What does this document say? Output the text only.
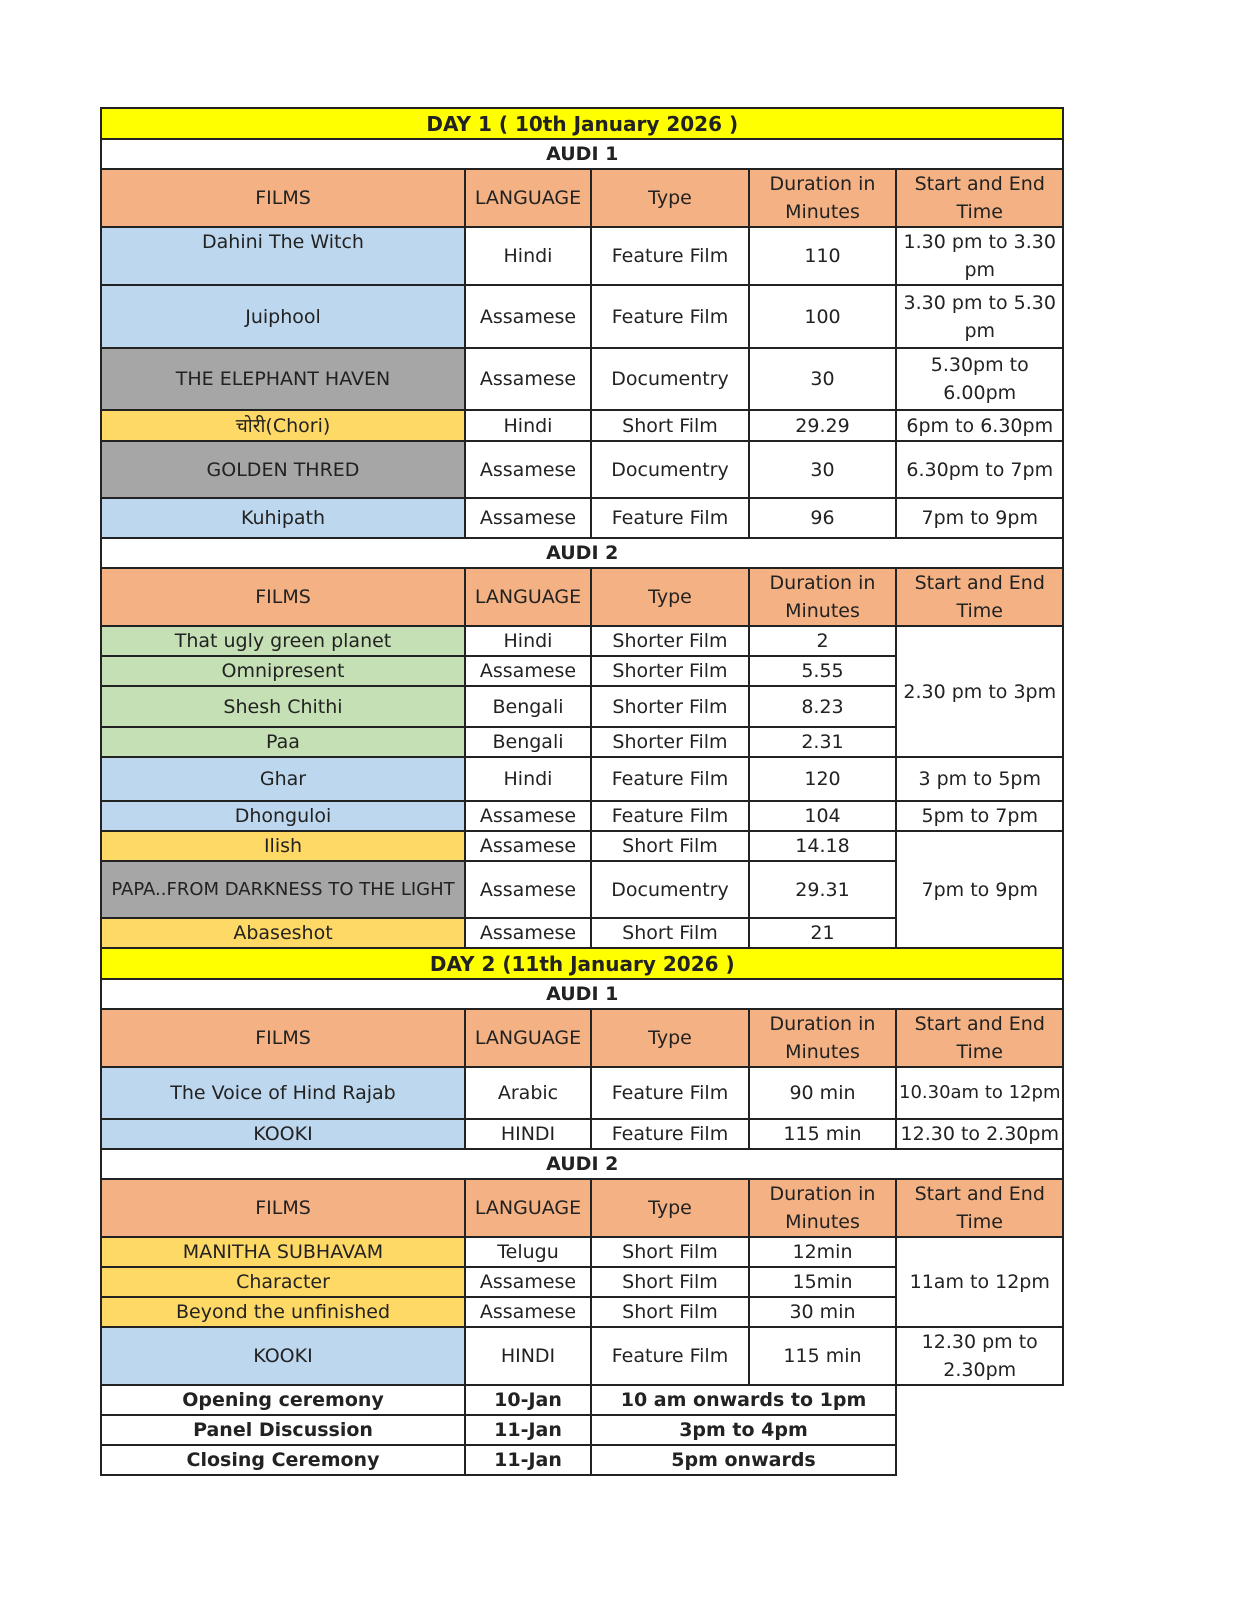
DAY 1 ( 10th January 2026 )				
AUDI 1				
FILMS	LANGUAGE	Type	Duration in Minutes	Start and End Time
Dahini The Witch	Hindi	Feature Film	110	1.30 pm to 3.30 pm
Juiphool	Assamese	Feature Film	100	3.30 pm to 5.30 pm
THE ELEPHANT HAVEN	Assamese	Documentry	30	5.30pm to 6.00pm
चोरी(Chori)	Hindi	Short Film	29.29	6pm to 6.30pm
GOLDEN THRED	Assamese	Documentry	30	6.30pm to 7pm
Kuhipath	Assamese	Feature Film	96	7pm to 9pm
AUDI 2				
FILMS	LANGUAGE	Type	Duration in Minutes	Start and End Time
That ugly green planet	Hindi	Shorter Film	2	2.30 pm to 3pm
Omnipresent	Assamese	Shorter Film	5.55	
Shesh Chithi	Bengali	Shorter Film	8.23	
Paa	Bengali	Shorter Film	2.31	
Ghar	Hindi	Feature Film	120	3 pm to 5pm
Dhonguloi	Assamese	Feature Film	104	5pm to 7pm
Ilish	Assamese	Short Film	14.18	7pm to 9pm
PAPA..FROM DARKNESS TO THE LIGHT	Assamese	Documentry	29.31	
Abaseshot	Assamese	Short Film	21	
DAY 2 (11th January 2026 )				
AUDI 1				
FILMS	LANGUAGE	Type	Duration in Minutes	Start and End Time
The Voice of Hind Rajab	Arabic	Feature Film	90 min	10.30am to 12pm
KOOKI	HINDI	Feature Film	115 min	12.30 to 2.30pm
AUDI 2				
FILMS	LANGUAGE	Type	Duration in Minutes	Start and End Time
MANITHA SUBHAVAM	Telugu	Short Film	12min	11am to 12pm
Character	Assamese	Short Film	15min	
Beyond the unfinished	Assamese	Short Film	30 min	
KOOKI	HINDI	Feature Film	115 min	12.30 pm to 2.30pm
Opening ceremony	10-Jan	10 am onwards to 1pm		
Panel Discussion	11-Jan	3pm to 4pm		
Closing Ceremony	11-Jan	5pm onwards		
